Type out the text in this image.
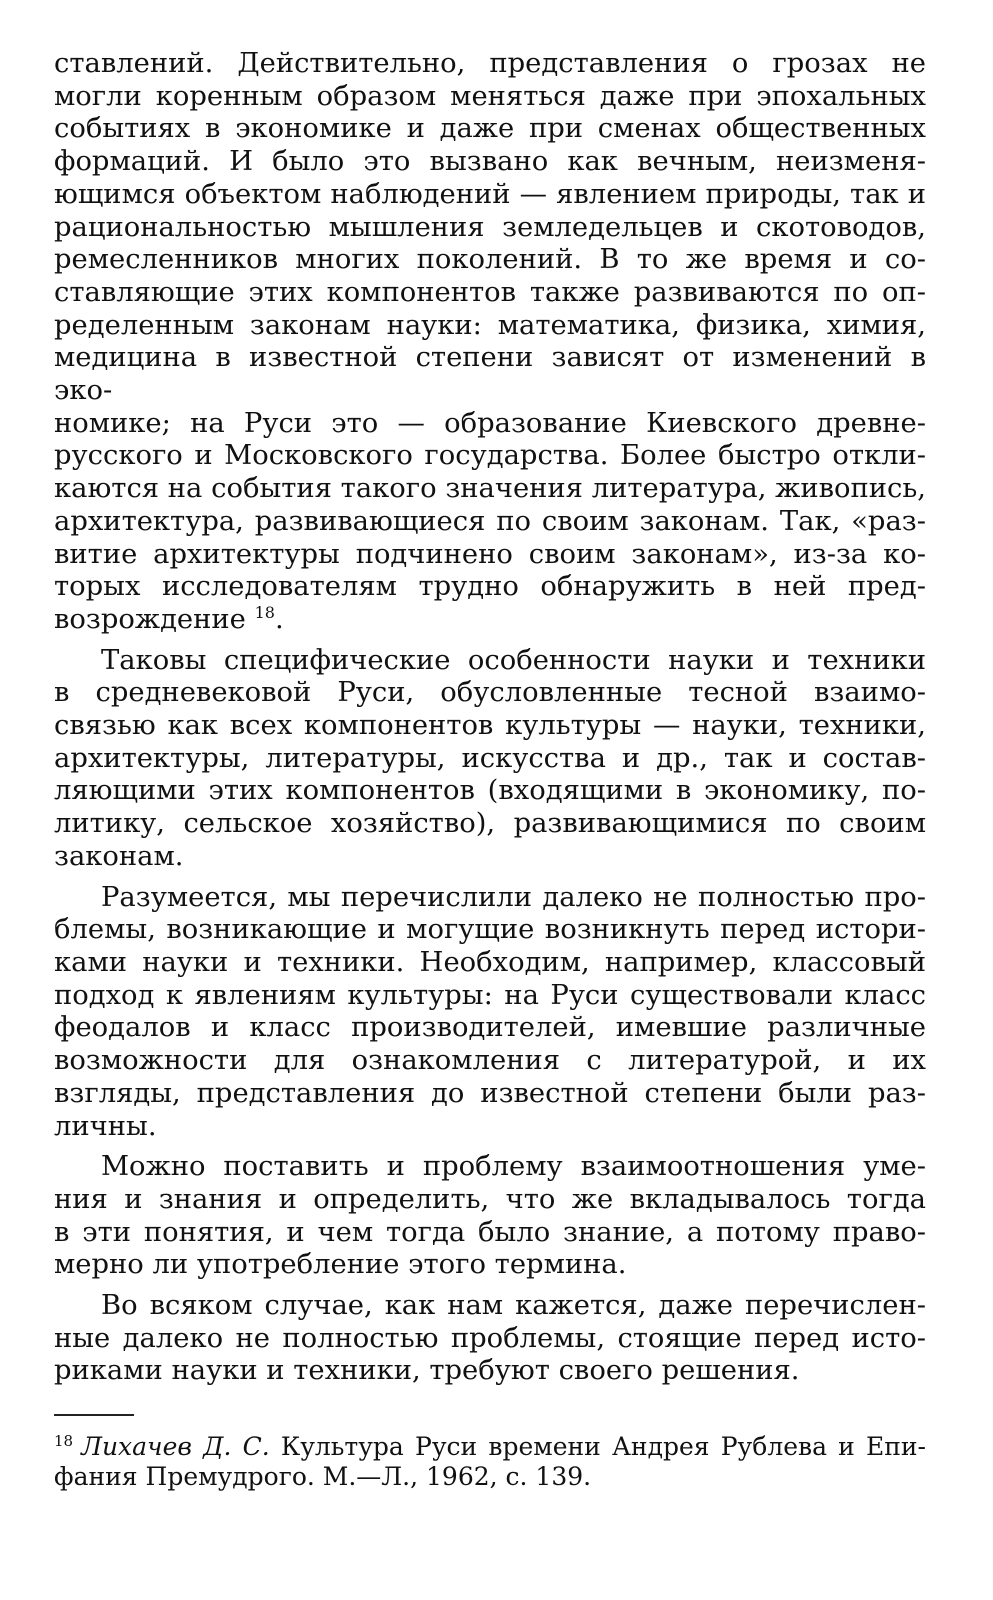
ставлений. Действительно, представления о грозах не
могли коренным образом меняться даже при эпохальных
событиях в экономике и даже при сменах общественных
формаций. И было это вызвано как вечным, неизменя-
ющимся объектом наблюдений — явлением природы, так и
рациональностью мышления земледельцев и скотоводов,
ремесленников многих поколений. В то же время и со-
ставляющие этих компонентов также развиваются по оп-
ределенным законам науки: математика, физика, химия,
медицина в известной степени зависят от изменений в эко-
номике; на Руси это — образование Киевского древне-
русского и Московского государства. Более быстро откли-
каются на события такого значения литература, живопись,
архитектура, развивающиеся по своим законам. Так, «раз-
витие архитектуры подчинено своим законам», из-за ко-
торых исследователям трудно обнаружить в ней пред-
возрождение $^{18}$.

Таковы специфические особенности науки и техники
в средневековой Руси, обусловленные тесной взаимо-
связью как всех компонентов культуры — науки, техники,
архитектуры, литературы, искусства и др., так и состав-
ляющими этих компонентов (входящими в экономику, по-
литику, сельское хозяйство), развивающимися по своим
законам.

Разумеется, мы перечислили далеко не полностью про-
блемы, возникающие и могущие возникнуть перед истори-
ками науки и техники. Необходим, например, классовый
подход к явлениям культуры: на Руси существовали класс
феодалов и класс производителей, имевшие различные
возможности для ознакомления с литературой, и их
взгляды, представления до известной степени были раз-
личны.

Можно поставить и проблему взаимоотношения уме-
ния и знания и определить, что же вкладывалось тогда
в эти понятия, и чем тогда было знание, а потому право-
мерно ли употребление этого термина.

Во всяком случае, как нам кажется, даже перечислен-
ные далеко не полностью проблемы, стоящие перед исто-
риками науки и техники, требуют своего решения.

$^{18}$ Лихачев Д. С. Культура Руси времени Андрея Рублева и Епи-
фания Премудрого. М.—Л., 1962, с. 139.
